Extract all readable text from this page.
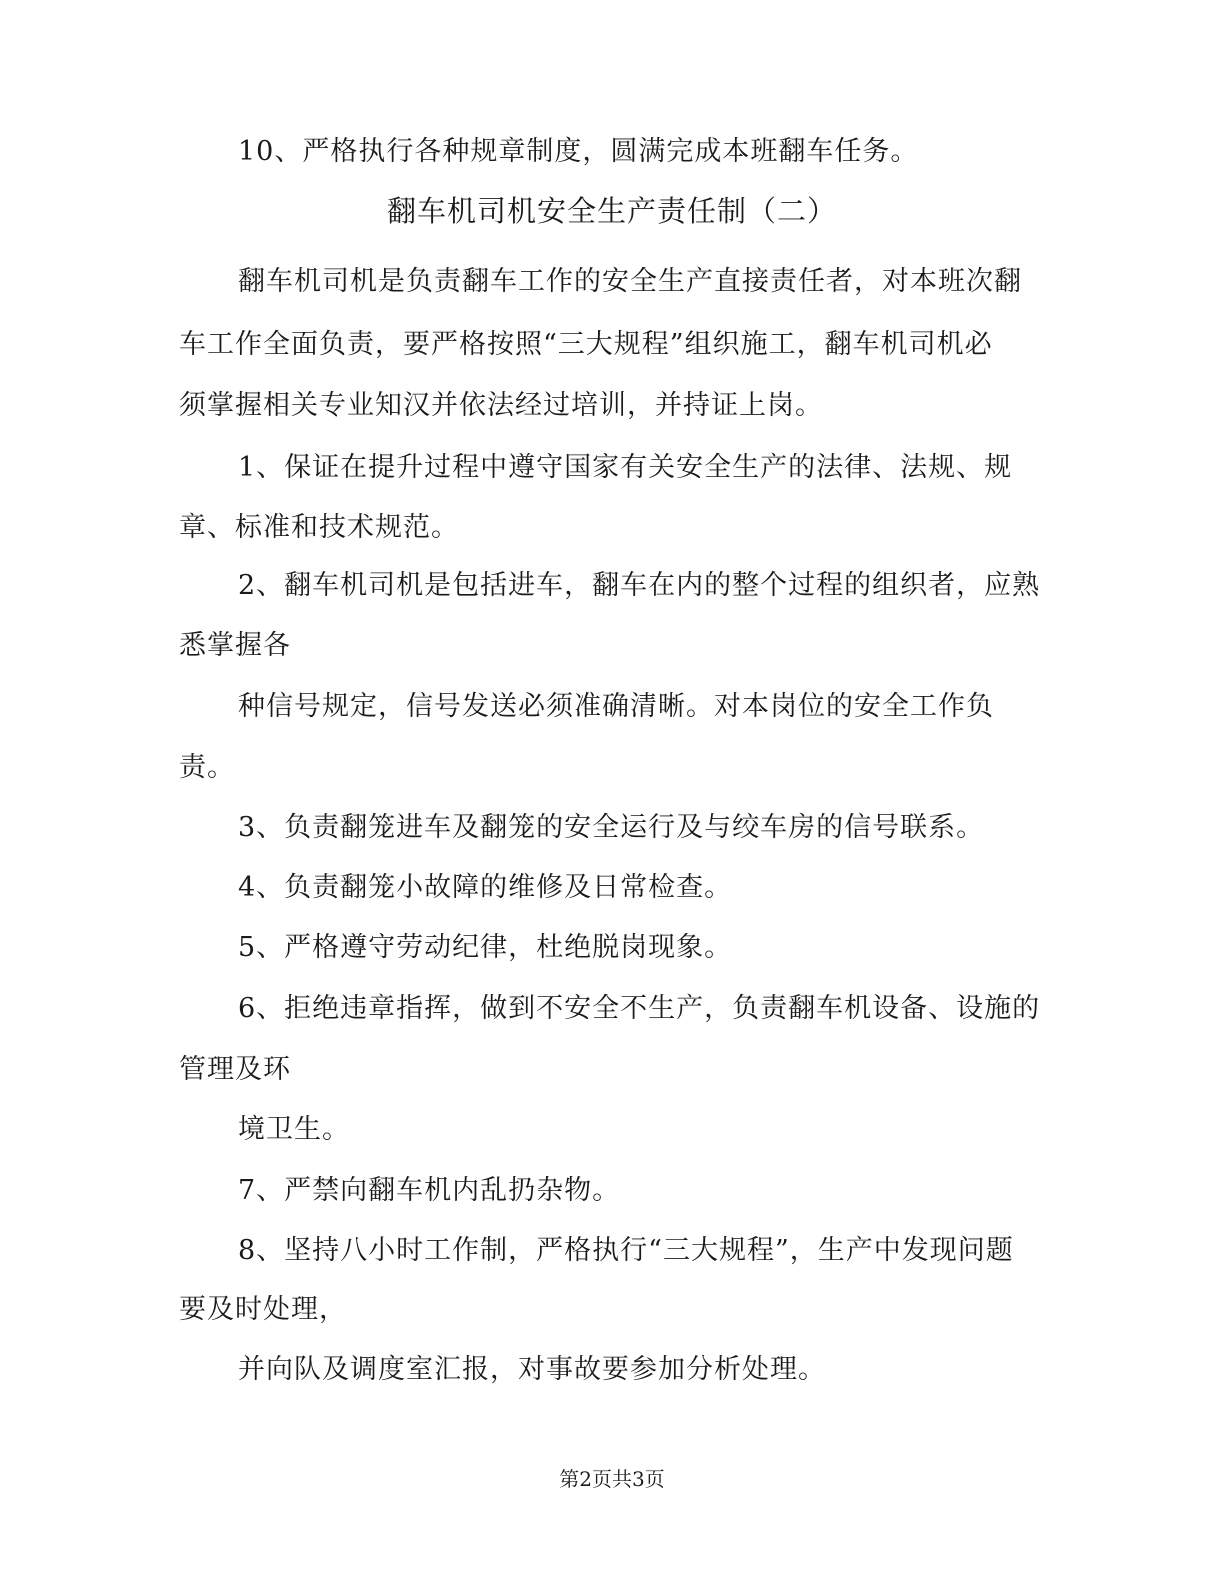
10、严格执行各种规章制度，圆满完成本班翻车任务。
翻车机司机安全生产责任制（二）
翻车机司机是负责翻车工作的安全生产直接责任者，对本班次翻
车工作全面负责，要严格按照“三大规程”组织施工，翻车机司机必
须掌握相关专业知汉并依法经过培训，并持证上岗。
1、保证在提升过程中遵守国家有关安全生产的法律、法规、规
章、标准和技术规范。
2、翻车机司机是包括进车，翻车在内的整个过程的组织者，应熟
悉掌握各
种信号规定，信号发送必须准确清晰。对本岗位的安全工作负
责。
3、负责翻笼进车及翻笼的安全运行及与绞车房的信号联系。
4、负责翻笼小故障的维修及日常检查。
5、严格遵守劳动纪律，杜绝脱岗现象。
6、拒绝违章指挥，做到不安全不生产，负责翻车机设备、设施的
管理及环
境卫生。
7、严禁向翻车机内乱扔杂物。
8、坚持八小时工作制，严格执行“三大规程”，生产中发现问题
要及时处理，
并向队及调度室汇报，对事故要参加分析处理。
第2页共3页
